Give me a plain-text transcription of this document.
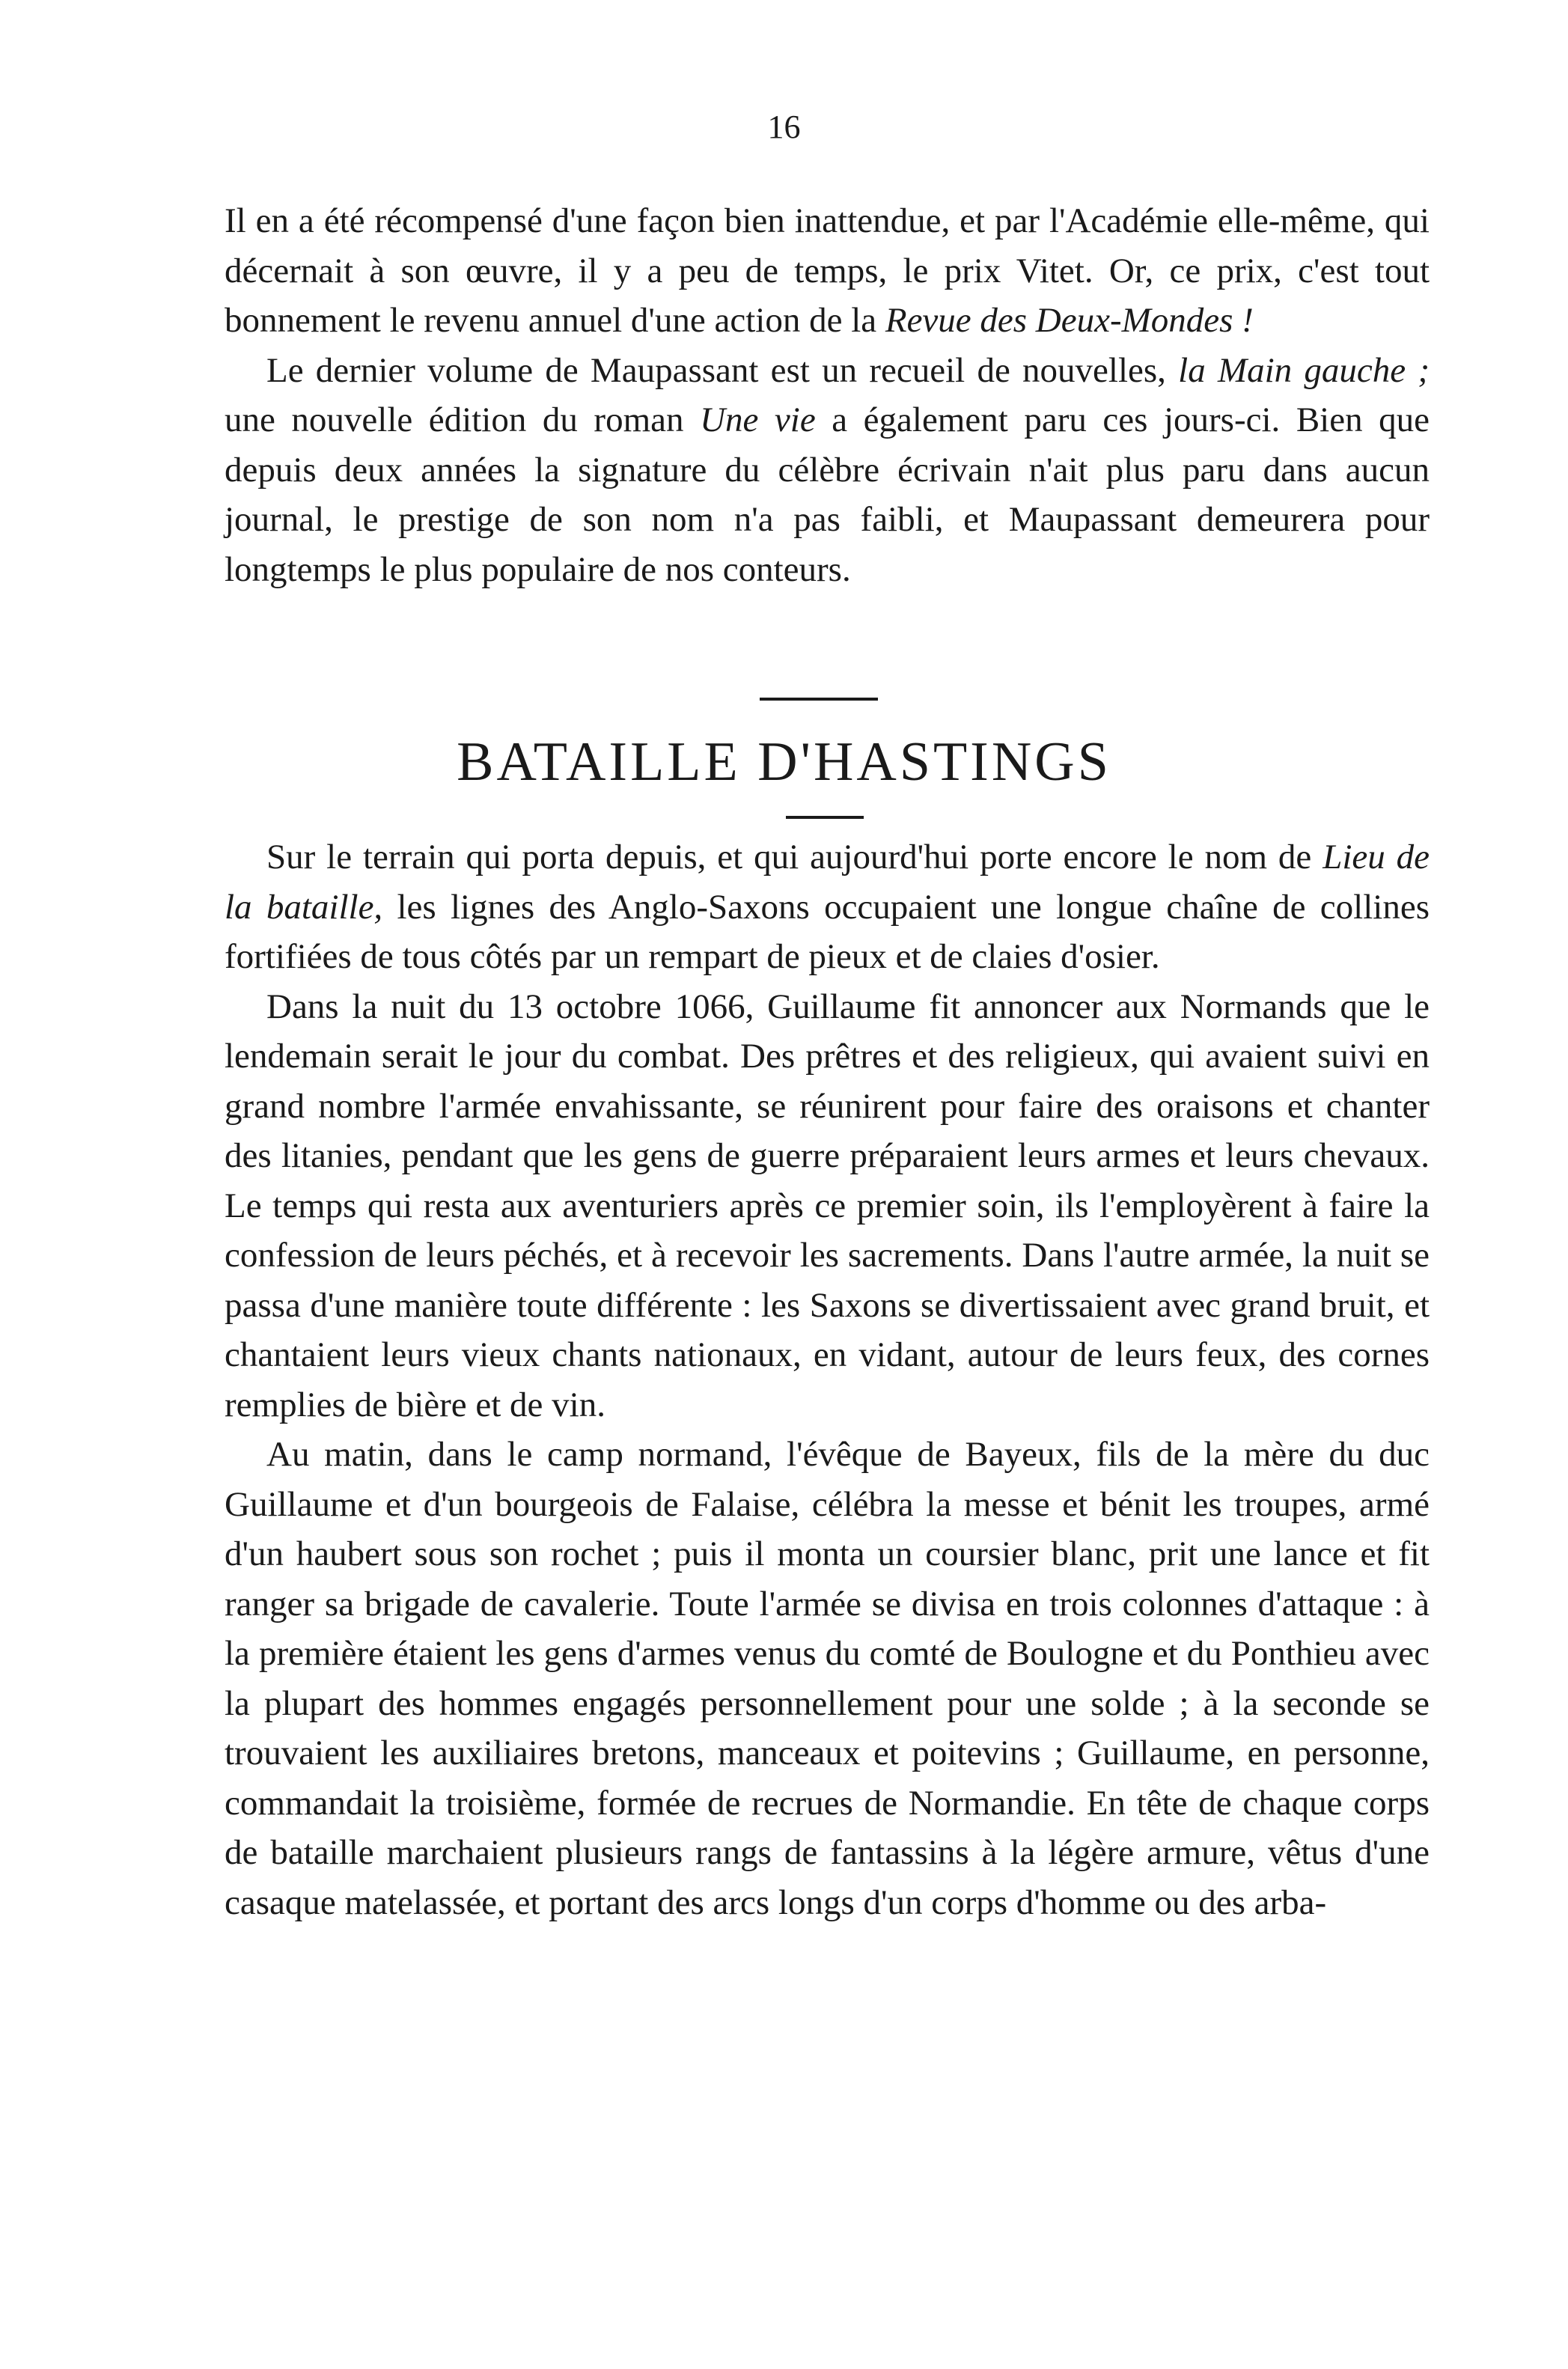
16

Il en a été récompensé d'une façon bien inattendue, et par l'Académie elle-même, qui décernait à son œuvre, il y a peu de temps, le prix Vitet. Or, ce prix, c'est tout bonnement le revenu annuel d'une action de la Revue des Deux-Mondes !

Le dernier volume de Maupassant est un recueil de nouvelles, la Main gauche ; une nouvelle édition du roman Une vie a également paru ces jours-ci. Bien que depuis deux années la signature du célèbre écrivain n'ait plus paru dans aucun journal, le prestige de son nom n'a pas faibli, et Maupassant demeurera pour longtemps le plus populaire de nos conteurs.

BATAILLE D'HASTINGS

Sur le terrain qui porta depuis, et qui aujourd'hui porte encore le nom de Lieu de la bataille, les lignes des Anglo-Saxons occupaient une longue chaîne de collines fortifiées de tous côtés par un rempart de pieux et de claies d'osier.

Dans la nuit du 13 octobre 1066, Guillaume fit annoncer aux Normands que le lendemain serait le jour du combat. Des prêtres et des religieux, qui avaient suivi en grand nombre l'armée envahissante, se réunirent pour faire des oraisons et chanter des litanies, pendant que les gens de guerre préparaient leurs armes et leurs chevaux. Le temps qui resta aux aventuriers après ce premier soin, ils l'employèrent à faire la confession de leurs péchés, et à recevoir les sacrements. Dans l'autre armée, la nuit se passa d'une manière toute différente : les Saxons se divertissaient avec grand bruit, et chantaient leurs vieux chants nationaux, en vidant, autour de leurs feux, des cornes remplies de bière et de vin.

Au matin, dans le camp normand, l'évêque de Bayeux, fils de la mère du duc Guillaume et d'un bourgeois de Falaise, célébra la messe et bénit les troupes, armé d'un haubert sous son rochet ; puis il monta un coursier blanc, prit une lance et fit ranger sa brigade de cavalerie. Toute l'armée se divisa en trois colonnes d'attaque : à la première étaient les gens d'armes venus du comté de Boulogne et du Ponthieu avec la plupart des hommes engagés personnellement pour une solde ; à la seconde se trouvaient les auxiliaires bretons, manceaux et poitevins ; Guillaume, en personne, commandait la troisième, formée de recrues de Normandie. En tête de chaque corps de bataille marchaient plusieurs rangs de fantassins à la légère armure, vêtus d'une casaque matelassée, et portant des arcs longs d'un corps d'homme ou des arba-
